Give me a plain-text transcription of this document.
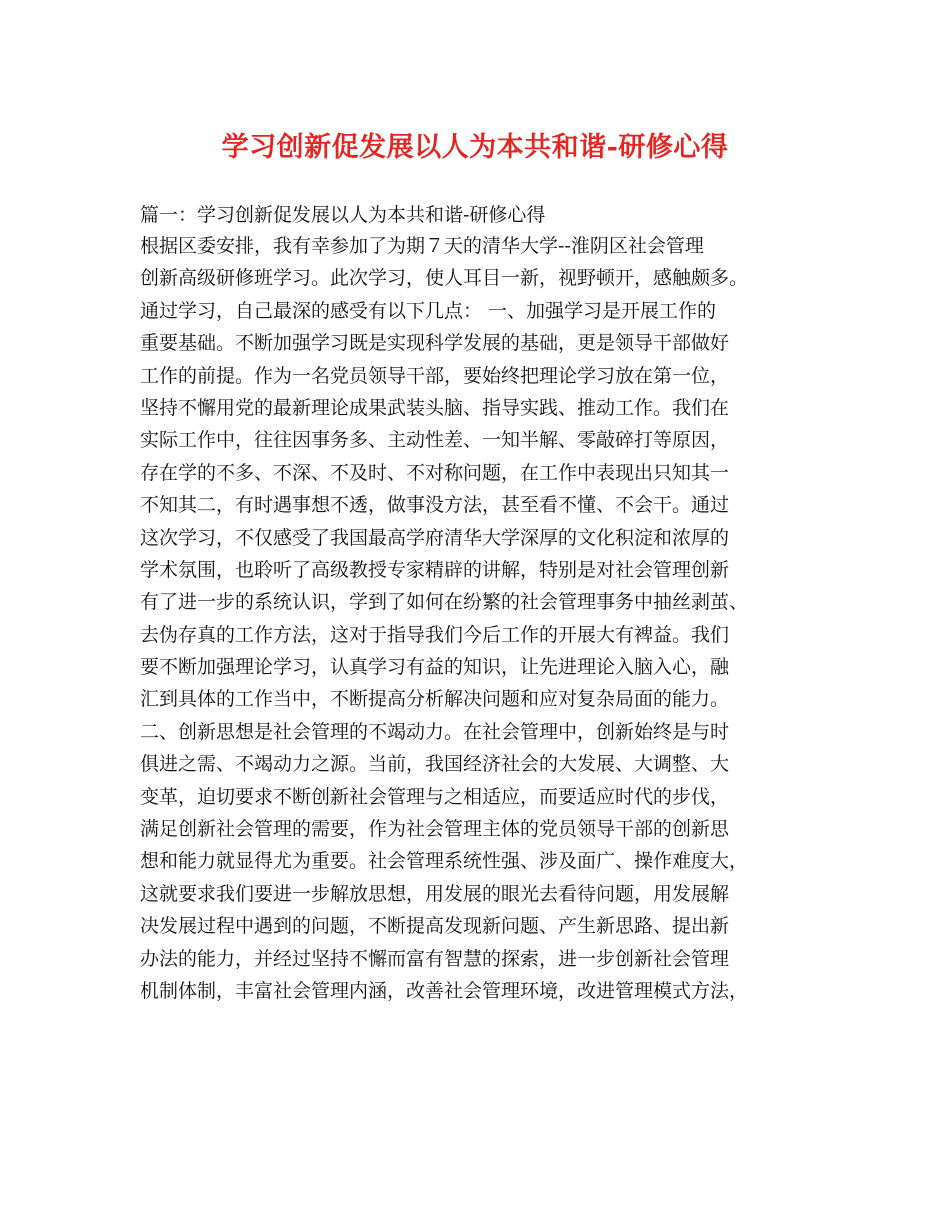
学习创新促发展以人为本共和谐-研修心得
篇一：学习创新促发展以人为本共和谐-研修心得
根据区委安排，我有幸参加了为期７天的清华大学--淮阴区社会管理
创新高级研修班学习。此次学习，使人耳目一新，视野顿开，感触颇多。
通过学习，自己最深的感受有以下几点： 一、加强学习是开展工作的
重要基础。不断加强学习既是实现科学发展的基础，更是领导干部做好
工作的前提。作为一名党员领导干部，要始终把理论学习放在第一位，
坚持不懈用党的最新理论成果武装头脑、指导实践、推动工作。我们在
实际工作中，往往因事务多、主动性差、一知半解、零敲碎打等原因，
存在学的不多、不深、不及时、不对称问题，在工作中表现出只知其一
不知其二，有时遇事想不透，做事没方法，甚至看不懂、不会干。通过
这次学习，不仅感受了我国最高学府清华大学深厚的文化积淀和浓厚的
学术氛围，也聆听了高级教授专家精辟的讲解，特别是对社会管理创新
有了进一步的系统认识，学到了如何在纷繁的社会管理事务中抽丝剥茧、
去伪存真的工作方法，这对于指导我们今后工作的开展大有裨益。我们
要不断加强理论学习，认真学习有益的知识，让先进理论入脑入心，融
汇到具体的工作当中，不断提高分析解决问题和应对复杂局面的能力。
二、创新思想是社会管理的不竭动力。在社会管理中，创新始终是与时
俱进之需、不竭动力之源。当前，我国经济社会的大发展、大调整、大
变革，迫切要求不断创新社会管理与之相适应，而要适应时代的步伐，
满足创新社会管理的需要，作为社会管理主体的党员领导干部的创新思
想和能力就显得尤为重要。社会管理系统性强、涉及面广、操作难度大，
这就要求我们要进一步解放思想，用发展的眼光去看待问题，用发展解
决发展过程中遇到的问题，不断提高发现新问题、产生新思路、提出新
办法的能力，并经过坚持不懈而富有智慧的探索，进一步创新社会管理
机制体制，丰富社会管理内涵，改善社会管理环境，改进管理模式方法，
